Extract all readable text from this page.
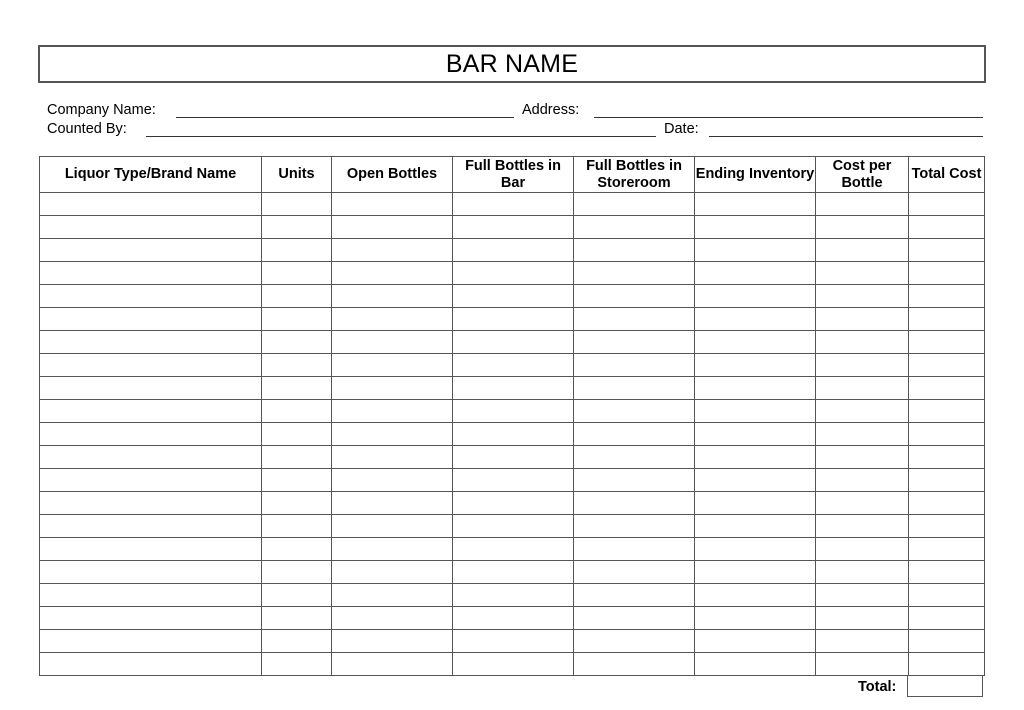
BAR NAME
Company Name:	Address:
Counted By:	Date:
Liquor Type/Brand Name	Units	Open Bottles	Full Bottles in Bar	Full Bottles in Storeroom	Ending Inventory	Cost per Bottle	Total Cost

Total:
